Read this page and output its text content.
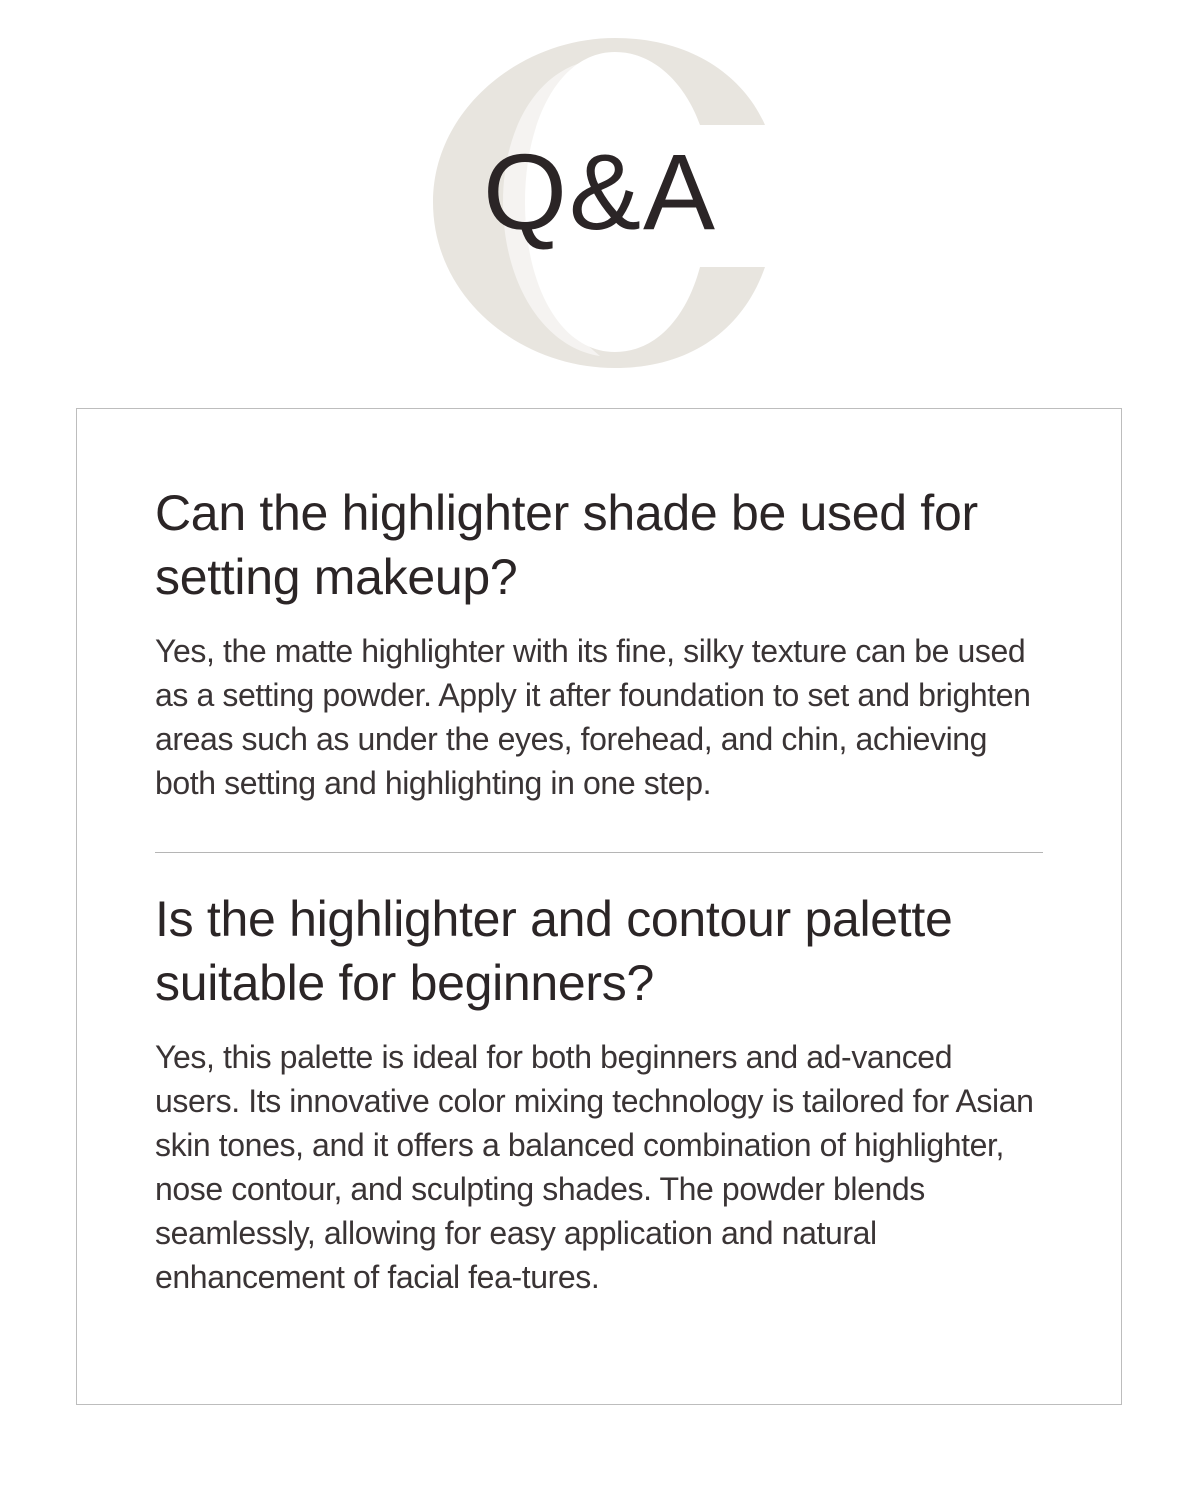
Q&A
Can the highlighter shade be used for setting makeup?

Yes, the matte highlighter with its fine, silky texture can be used as a setting powder. Apply it after foundation to set and brighten areas such as under the eyes, forehead, and chin, achieving both setting and highlighting in one step.

Is the highlighter and contour palette suitable for beginners?

Yes, this palette is ideal for both beginners and ad-vanced users. Its innovative color mixing technology is tailored for Asian skin tones, and it offers a balanced combination of highlighter, nose contour, and sculpting shades. The powder blends seamlessly, allowing for easy application and natural enhancement of facial fea-tures.
